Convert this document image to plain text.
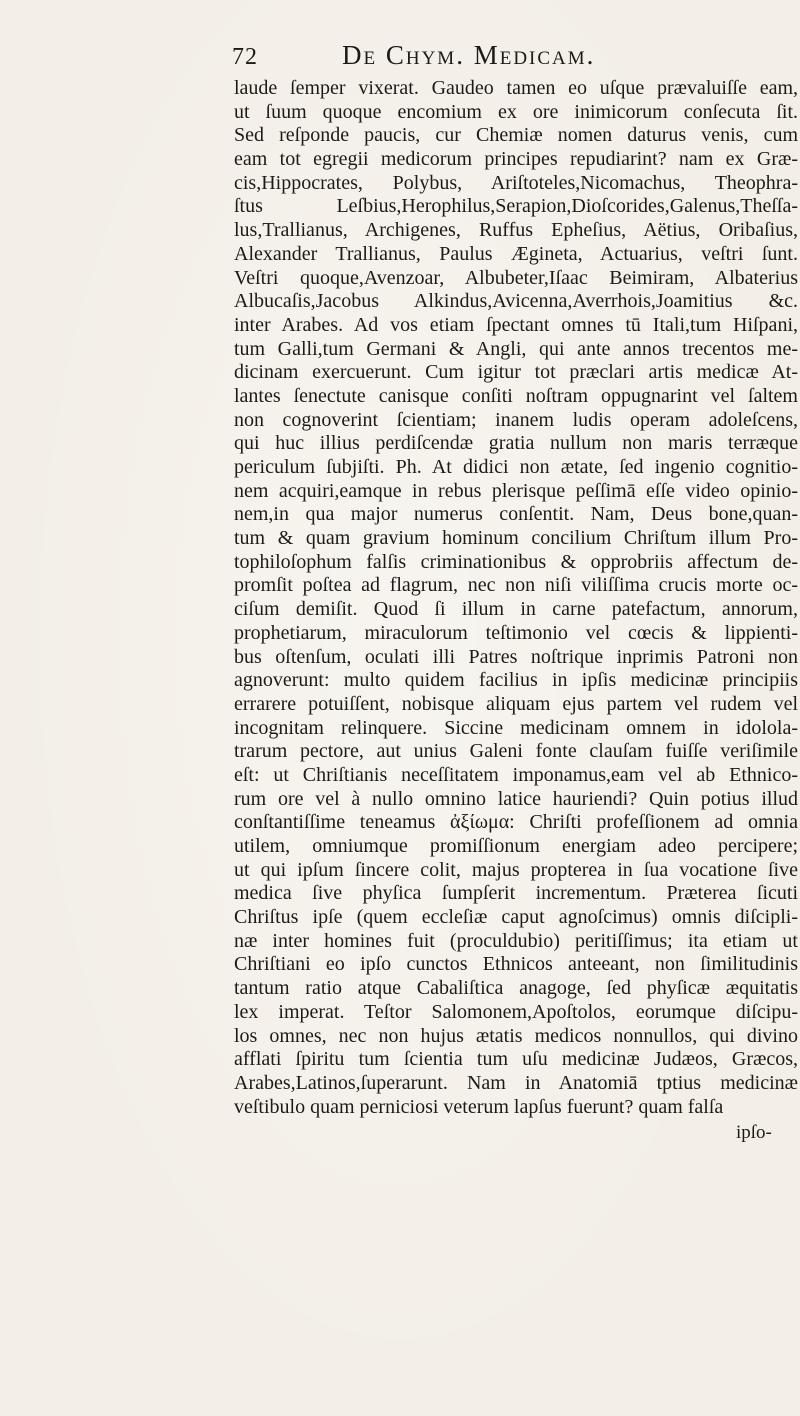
72	De Chym. Medicam.
laude ſemper vixerat. Gaudeo tamen eo uſque prævaluiſſe eam,
ut ſuum quoque encomium ex ore inimicorum conſecuta ſit.
Sed reſponde paucis, cur Chemiæ nomen daturus venis, cum
eam tot egregii medicorum principes repudiarint? nam ex Græ-
cis,Hippocrates, Polybus, Ariſtoteles,Nicomachus, Theophra-
ſtus Leſbius,Herophilus,Serapion,Dioſcorides,Galenus,Theſſa-
lus,Trallianus, Archigenes, Ruffus Epheſius, Aëtius, Oribaſius,
Alexander Trallianus, Paulus Ægineta, Actuarius, veſtri ſunt.
Veſtri quoque,Avenzoar, Albubeter,Iſaac Beimiram, Albaterius
Albucaſis,Jacobus Alkindus,Avicenna,Averrhois,Joamitius &c.
inter Arabes. Ad vos etiam ſpectant omnes tū Itali,tum Hiſpani,
tum Galli,tum Germani & Angli, qui ante annos trecentos me-
dicinam exercuerunt. Cum igitur tot præclari artis medicæ At-
lantes ſenectute canisque conſiti noſtram oppugnarint vel ſaltem
non cognoverint ſcientiam; inanem ludis operam adoleſcens,
qui huc illius perdiſcendæ gratia nullum non maris terræque
periculum ſubjiſti. Ph. At didici non ætate, ſed ingenio cognitio-
nem acquiri,eamque in rebus plerisque peſſimā eſſe video opinio-
nem,in qua major numerus conſentit. Nam, Deus bone,quan-
tum & quam gravium hominum concilium Chriſtum illum Pro-
tophiloſophum falſis criminationibus & opprobriis affectum de-
promſit poſtea ad flagrum, nec non niſi viliſſima crucis morte oc-
ciſum demiſit. Quod ſi illum in carne patefactum, annorum,
prophetiarum, miraculorum teſtimonio vel cœcis & lippienti-
bus oſtenſum, oculati illi Patres noſtrique inprimis Patroni non
agnoverunt: multo quidem facilius in ipſis medicinæ principiis
errarere potuiſſent, nobisque aliquam ejus partem vel rudem vel
incognitam relinquere. Siccine medicinam omnem in idolola-
trarum pectore, aut unius Galeni fonte clauſam fuiſſe veriſimile
eſt: ut Chriſtianis neceſſitatem imponamus,eam vel ab Ethnico-
rum ore vel à nullo omnino latice hauriendi? Quin potius illud
conſtantiſſime teneamus ἀξίωμα: Chriſti profeſſionem ad omnia
utilem, omniumque promiſſionum energiam adeo percipere;
ut qui ipſum ſincere colit, majus propterea in ſua vocatione ſive
medica ſive phyſica ſumpſerit incrementum. Prætereа ſicuti
Chriſtus ipſe (quem eccleſiæ caput agnoſcimus) omnis diſcipli-
næ inter homines fuit (proculdubio) peritiſſimus; ita etiam ut
Chriſtiani eo ipſo cunctos Ethnicos anteeant, non ſimilitudinis
tantum ratio atque Cabaliſtica anagoge, ſed phyſicæ æquitatis
lex imperat. Teſtor Salomonem,Apoſtolos, eorumque diſcipu-
los omnes, nec non hujus ætatis medicos nonnullos, qui divino
afflati ſpiritu tum ſcientia tum uſu medicinæ Judæos, Græcos,
Arabes,Latinos,ſuperarunt. Nam in Anatomiā tptius medicinæ
veſtibulo quam perniciosi veterum lapſus fuerunt? quam falſa
ipſo-
